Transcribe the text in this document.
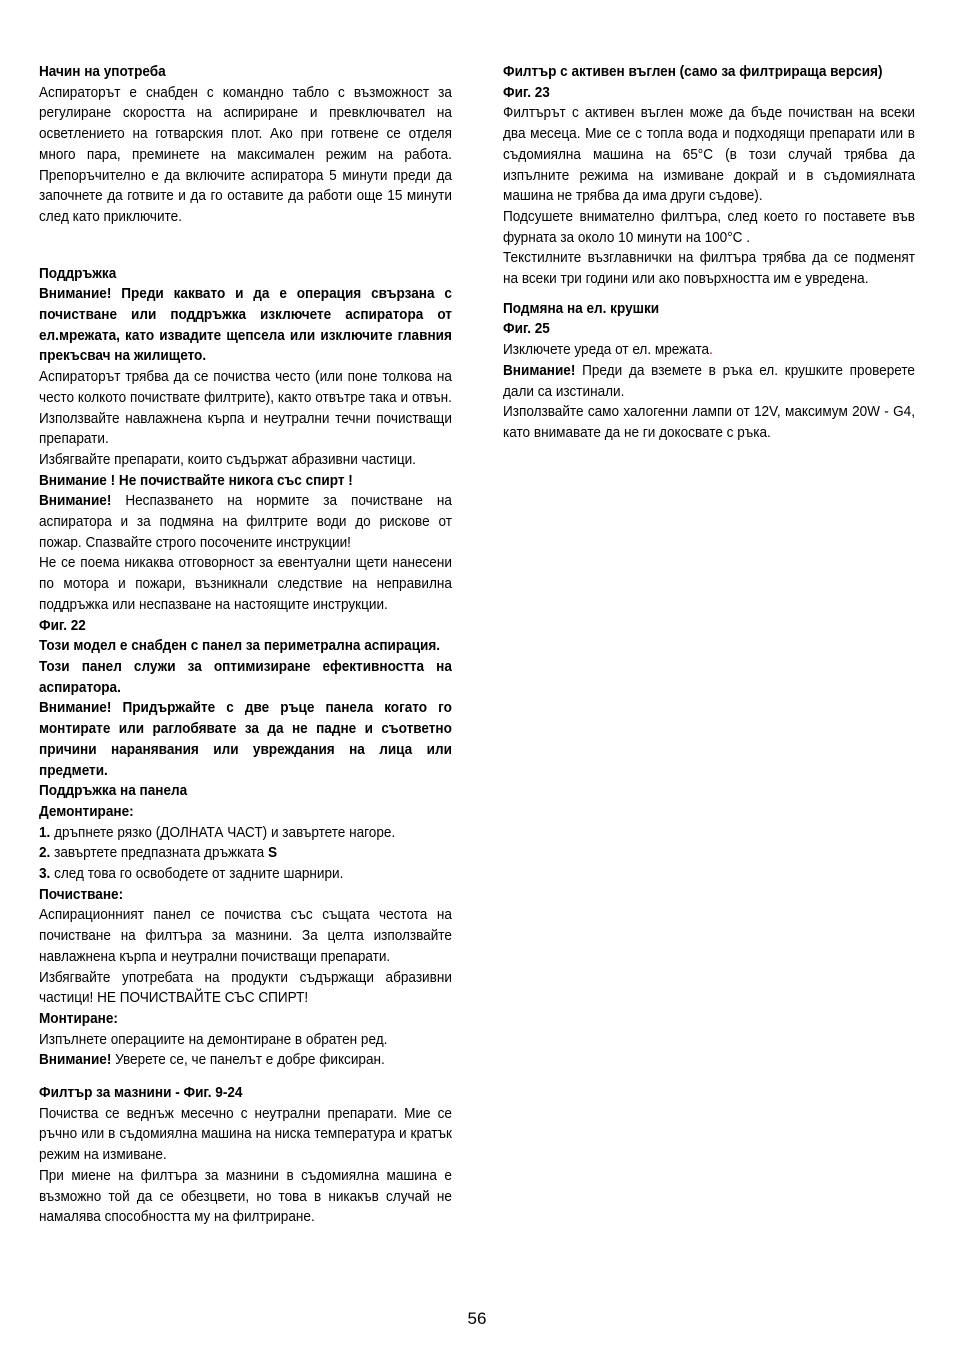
Начин на употреба

Аспираторът е снабден с командно табло с възможност за регулиране скоростта на аспириране и превключвател на осветлението на готварския плот. Ако при готвене се отделя много пара, преминете на максимален режим на работа. Препоръчително е да включите аспиратора 5 минути преди да започнете да готвите и да го оставите да работи още 15 минути след като приключите.

Поддръжка

Внимание! Преди каквато и да е операция свързана с почистване или поддръжка изключете аспиратора от ел.мрежата, като извадите щепсела или изключите главния прекъсвач на жилището.

Аспираторът трябва да се почиства често (или поне толкова на често колкото почиствате филтрите), както отвътре така и отвън. Използвайте навлажнена кърпа и неутрални течни почистващи препарати.

Избягвайте препарати, които съдържат абразивни частици.

Внимание ! Не почиствайте никога със спирт !

Внимание! Неспазването на нормите за почистване на аспиратора и за подмяна на филтрите води до рискове от пожар. Спазвайте строго посочените инструкции!

Не се поема никаква отговорност за евентуални щети нанесени по мотора и пожари, възникнали следствие на неправилна поддръжка или неспазване на настоящите инструкции.

Фиг. 22

Този модел е снабден с панел за периметрална аспирация.

Този панел служи за оптимизиране ефективността на аспиратора.

Внимание! Придържайте с две ръце панела когато го монтирате или раглобявате за да не падне и съответно причини наранявания или увреждания на лица или предмети.

Поддръжка на панела

Демонтиране:

1. дръпнете рязко (ДОЛНАТА ЧАСТ) и завъртете нагоре.

2. завъртете предпазната дръжката S

3. след това го освободете от задните шарнири.

Почистване:

Аспирационният панел се почиства със същата честота на почистване на филтъра за мазнини. За целта използвайте навлажнена кърпа и неутрални почистващи препарати.

Избягвайте употребата на продукти съдържащи абразивни частици! НЕ ПОЧИСТВАЙТЕ СЪС СПИРТ!

Монтиране:

Изпълнете операциите на демонтиране в обратен ред.

Внимание! Уверете се, че панелът е добре фиксиран.

Филтър за мазнини - Фиг. 9-24

Почиства се веднъж месечно с неутрални препарати. Мие се ръчно или в съдомиялна машина на ниска температура и кратък режим на измиване.

При миене на филтъра за мазнини в съдомиялна машина е възможно той да се обезцвети, но това в никакъв случай не намалява способността му на филтриране.

Филтър с активен въглен (само за филтрираща версия)

Фиг. 23

Филтърът с активен въглен може да бъде почистван на всеки два месеца. Мие се с топла вода и подходящи препарати или в съдомиялна машина на 65°C (в този случай трябва да изпълните режима на измиване докрай и в съдомиялната машина не трябва да има други съдове).

Подсушете внимателно филтъра, след което го поставете във фурната за около 10 минути на 100°C .

Текстилните възглавнички на филтъра трябва да се подменят на всеки три години или ако повърхността им е увредена.

Подмяна на ел. крушки

Фиг. 25

Изключете уреда от ел. мрежата.

Внимание! Преди да вземете в ръка ел. крушките проверете дали са изстинали.

Използвайте само халогенни лампи от 12V, максимум 20W - G4, като внимавате да не ги докосвате с ръка.

56
